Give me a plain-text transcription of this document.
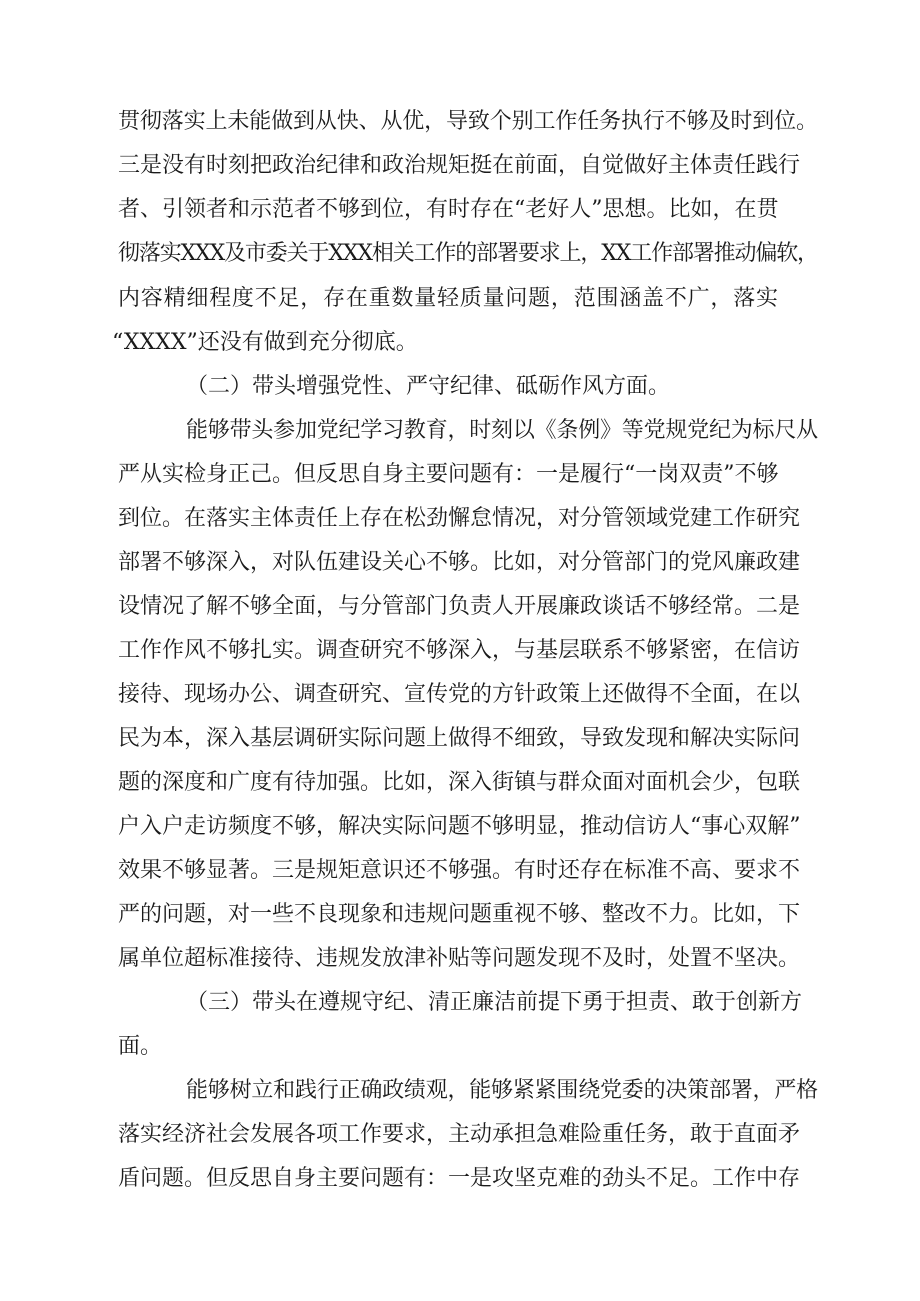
贯彻落实上未能做到从快、从优，导致个别工作任务执行不够及时到位。
三是没有时刻把政治纪律和政治规矩挺在前面，自觉做好主体责任践行
者、引领者和示范者不够到位，有时存在“老好人”思想。比如，在贯
彻落实XXX及市委关于XXX相关工作的部署要求上，XX工作部署推动偏软，
内容精细程度不足，存在重数量轻质量问题，范围涵盖不广，落实
“XXXX”还没有做到充分彻底。
（二）带头增强党性、严守纪律、砥砺作风方面。
能够带头参加党纪学习教育，时刻以《条例》等党规党纪为标尺从
严从实检身正己。但反思自身主要问题有：一是履行“一岗双责”不够
到位。在落实主体责任上存在松劲懈怠情况，对分管领域党建工作研究
部署不够深入，对队伍建设关心不够。比如，对分管部门的党风廉政建
设情况了解不够全面，与分管部门负责人开展廉政谈话不够经常。二是
工作作风不够扎实。调查研究不够深入，与基层联系不够紧密，在信访
接待、现场办公、调查研究、宣传党的方针政策上还做得不全面，在以
民为本，深入基层调研实际问题上做得不细致，导致发现和解决实际问
题的深度和广度有待加强。比如，深入街镇与群众面对面机会少，包联
户入户走访频度不够，解决实际问题不够明显，推动信访人“事心双解”
效果不够显著。三是规矩意识还不够强。有时还存在标准不高、要求不
严的问题，对一些不良现象和违规问题重视不够、整改不力。比如，下
属单位超标准接待、违规发放津补贴等问题发现不及时，处置不坚决。
（三）带头在遵规守纪、清正廉洁前提下勇于担责、敢于创新方
面。
能够树立和践行正确政绩观，能够紧紧围绕党委的决策部署，严格
落实经济社会发展各项工作要求，主动承担急难险重任务，敢于直面矛
盾问题。但反思自身主要问题有：一是攻坚克难的劲头不足。工作中存
